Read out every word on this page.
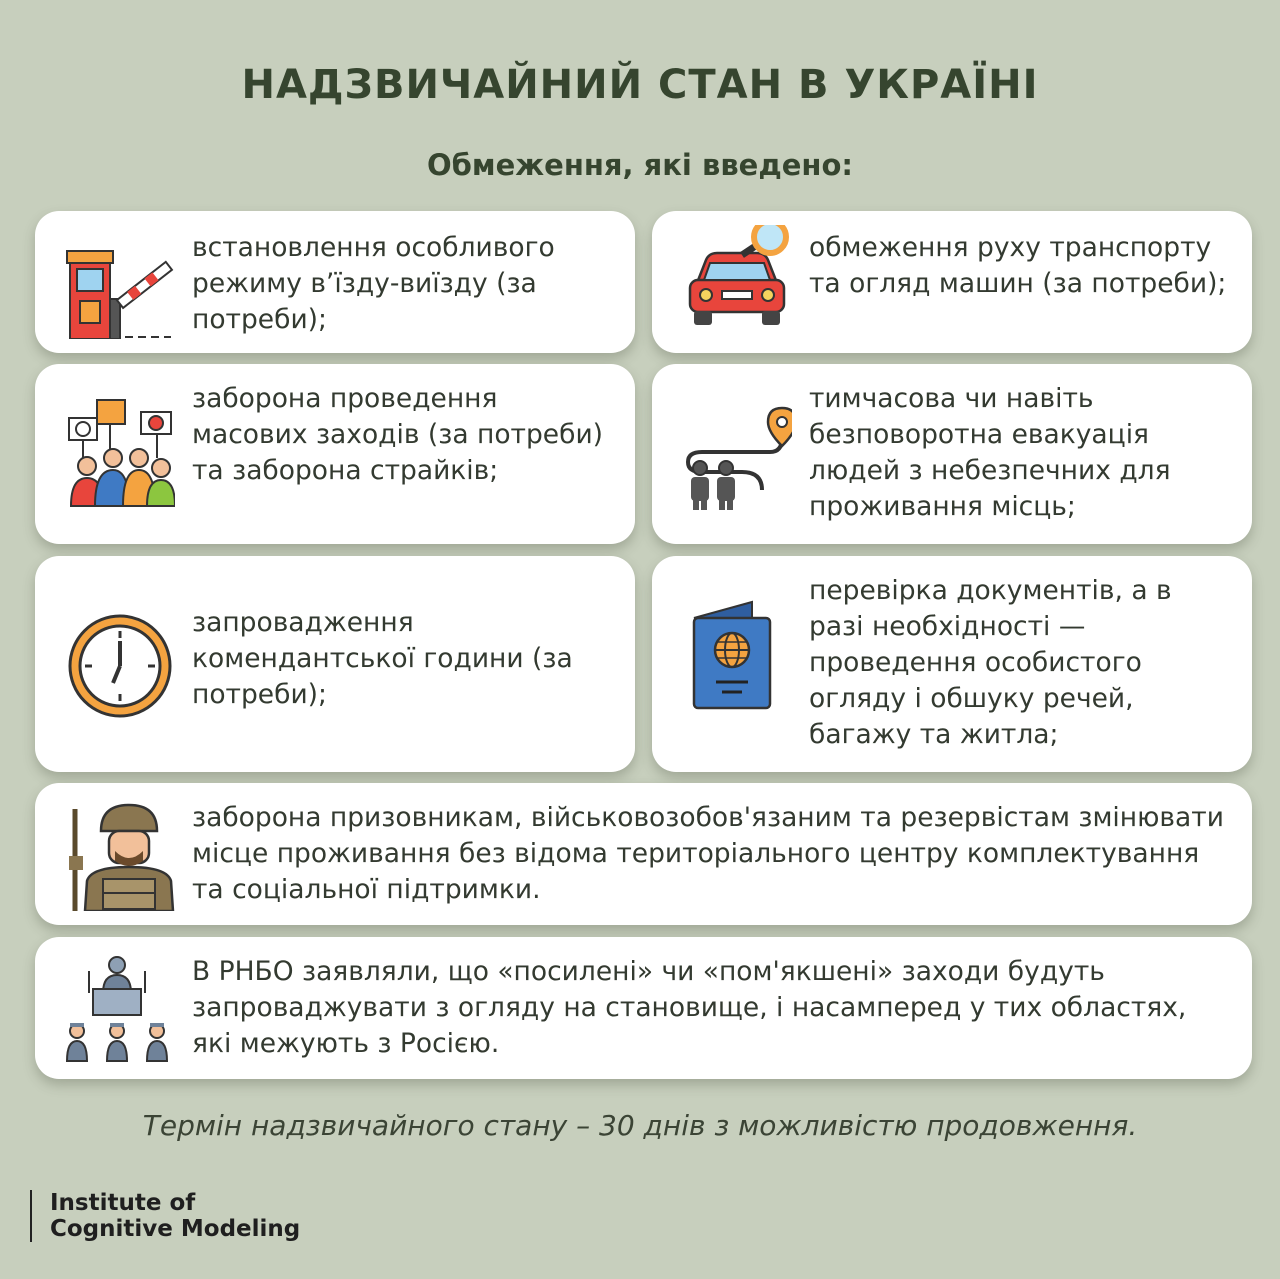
НАДЗВИЧАЙНИЙ СТАН В УКРАЇНІ
Обмеження, які введено:

встановлення особливого режиму в’їзду-виїзду (за потреби);

обмеження руху транспорту та огляд машин (за потреби);

заборона проведення масових заходів (за потреби) та заборона страйків;

тимчасова чи навіть безповоротна евакуація людей з небезпечних для проживання місць;

запровадження комендантської години (за потреби);

перевірка документів, а в разі необхідності — проведення особистого огляду і обшуку речей, багажу та житла;

заборона призовникам, військовозобов'язаним та резервістам змінювати місце проживання без відома територіального центру комплектування та соціальної підтримки.

В РНБО заявляли, що «посилені» чи «пом'якшені» заходи будуть запроваджувати з огляду на становище, і насамперед у тих областях, які межують з Росією.

Термін надзвичайного стану – 30 днів з можливістю продовження.

Institute of
Cognitive Modeling
